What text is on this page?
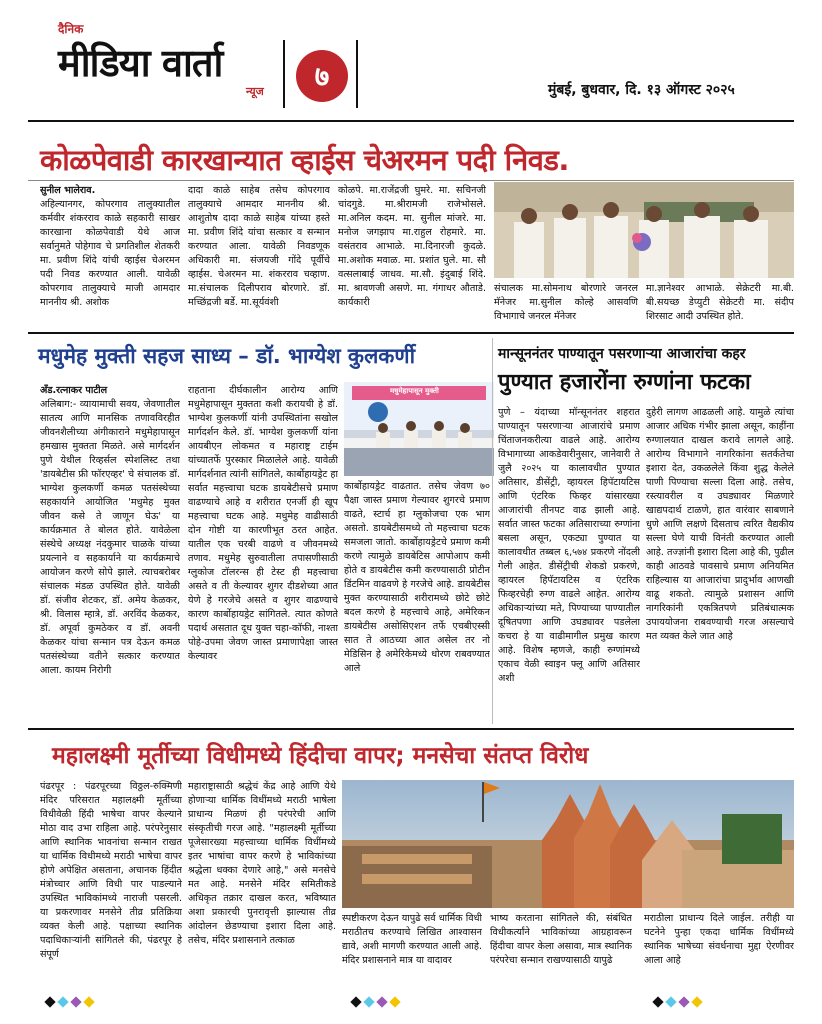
दैनिक
मीडिया वार्ता
न्यूज	७	मुंबई, बुधवार, दि. १३ ऑगस्ट २०२५
कोळपेवाडी कारखान्यात व्हाईस चेअरमन पदी निवड.

सुनील भालेराव.

अहिल्यानगर, कोपरगाव तालुक्यातील कर्मवीर शंकरराव काळे सहकारी साखर कारखाना कोळपेवाडी येथे आज सर्वानुमते पोहेगाव चे प्रगतिशील शेतकरी मा. प्रवीण शिंदे यांची व्हाईस चेअरमन पदी निवड करण्यात आली. यावेळी कोपरगाव तालुक्याचे माजी आमदार माननीय श्री. अशोक

दादा काळे साहेब तसेच कोपरगाव तालुक्याचे आमदार माननीय श्री. आशुतोष दादा काळे साहेब यांच्या हस्ते मा. प्रवीण शिंदे यांचा सत्कार व सन्मान करण्यात आला. यावेळी निवडणूक अधिकारी मा. संजयजी गोंदे पूर्वीचे व्हाईस. चेअरमन मा. शंकरराव चव्हाण. मा.संचालक दिलीपराव बोरणारे. डॉ. मच्छिंद्रजी बर्डे. मा.सूर्यवंशी
कोळपे. मा.राजेंद्रजी घुमरे. मा. सचिनजी चांदगुडे. मा.श्रीरामजी राजेभोसले. मा.अनिल कदम. मा. सुनील मांजरे. मा. मनोज जगझाप मा.राहुल रोहमारे. मा. वसंतराव आभाळे. मा.दिनारजी कुदळे. मा.अशोक मवाळ. मा. प्रशांत घुले. मा. सौ वत्सलाबाई जाधव. मा.सौ. इंदुबाई शिंदे. मा. श्रावणजी असणे. मा. गंगाधर औताडे. कार्यकारी
संचालक मा.सोमनाथ बोरणारे जनरल मॅनेजर मा.सुनील कोल्हे आसवणि विभागाचे जनरल मॅनेजर
मा.ज्ञानेश्वर आभाळे. सेक्रेटरी मा.बी. बी.सयच्छ डेप्युटी सेक्रेटरी मा. संदीप शिरसाट आदी उपस्थित होते.
मधुमेह मुक्ती सहज साध्य – डॉ. भाग्येश कुलकर्णी

अँड.रत्नाकर पाटील

अलिबाग:- व्यायामाची सवय, जेवणातील सातत्य आणि मानसिक तणावविरहीत जीवनशैलीच्या अंगीकाराने मधुमेहापासून हमखास मुक्तता मिळते. असे मार्गदर्शन पुणे येथील रिव्हर्सल स्पेशलिस्ट तथा 'डायबेटीस फ्री फॉरएव्हर' चे संचालक डॉ. भाग्येश कुलकर्णी कमळ पतसंस्थेच्या सहकार्याने आयोजित 'मधुमेह मुक्त जीवन कसे ते जाणून घेऊ' या कार्यक्रमात ते बोलत होते. यावेळेला संस्थेचे अध्यक्ष नंदकुमार चाळके यांच्या प्रयत्नाने व सहकार्याने या कार्यक्रमाचे आयोजन करणे सोपे झाले. त्याचबरोबर संचालक मंडळ उपस्थित होते. यावेळी डॉ. संजीव शेटकर, डॉ. अमेय केळकर, श्री. विलास म्हात्रे, डॉ. अरविंद केळकर, डॉ. अपूर्वा कुमठेकर व डॉ. अवनी केळकर यांचा सन्मान पत्र देऊन कमळ पतसंस्थेच्या वतीने सत्कार करण्यात आला. कायम निरोगी

राहताना दीर्घकालीन आरोग्य आणि मधुमेहापासून मुक्तता कशी करायची हे डॉ. भाग्येश कुलकर्णी यांनी उपस्थितांना सखोल मार्गदर्शन केले. डॉ. भाग्येश कुलकर्णी यांना आयबीएन लोकमत व महाराष्ट्र टाईम यांच्यातर्फे पुरस्कार मिळालेले आहे. यावेळी मार्गदर्शनात त्यांनी सांगितले, कार्बोहायड्रेट हा सर्वात महत्त्वाचा घटक डायबेटीसचे प्रमाण वाढण्याचे आहे व शरीरात एनर्जी ही खूप महत्त्वाचा घटक आहे. मधुमेह वाढीसाठी दोन गोष्टी या कारणीभूत ठरत आहेत. यातील एक चरबी वाढणे व जीवनमध्ये तणाव. मधुमेह सुरुवातीला तपासणीसाठी ग्लुकोज टॉलरन्स ही टेस्ट ही महत्त्वाचा असते व ती केल्यावर शुगर दीडशेच्या आत येणे हे गरजेचे असते व शुगर वाढण्याचे कारण कार्बोहायड्रेट सांगितले. त्यात कोणते पदार्थ असतात दूध युक्त चहा-कॉफी, नाश्ता पोहे-उपमा जेवण जास्त प्रमाणापेक्षा जास्त केल्यावर
मधुमेहापासून मुक्ती
कार्बोहायड्रेट वाढतात. तसेच जेवण ७० पैक्षा जास्त प्रमाण गेल्यावर शुगरचे प्रमाण वाढते, स्टार्च हा ग्लुकोजचा एक भाग असतो. डायबेटीसमध्ये तो महत्त्वाचा घटक समजला जातो. कार्बोहायड्रेटचे प्रमाण कमी करणे त्यामुळे डायबेटिस आपोआप कमी होते व डायबेटीस कमी करण्यासाठी प्रोटीन डिंटमिन वाढवणे हे गरजेचे आहे. डायबेटीस मुक्त करण्यासाठी शरीरामध्ये छोटे छोटे बदल करणे हे महत्त्वाचे आहे, अमेरिकन डायबेटीस असोसिएशन तर्फे एचबीएस्सी सात ते आठच्या आत असेल तर नो मेडिसिन हे अमेरिकेमध्ये धोरण राबवण्यात आले
मान्सूननंतर पाण्यातून पसरणाऱ्या आजारांचा कहर
पुण्यात हजारोंना रुग्णांना फटका
पुणे – यंदाच्या मॉन्सूननंतर शहरात पाण्यातून पसरणाऱ्या आजारांचे प्रमाण चिंताजनकरीत्या वाढले आहे. आरोग्य विभागाच्या आकडेवारीनुसार, जानेवारी ते जुलै २०२५ या कालावधीत पुण्यात अतिसार, डीसेंट्री, व्हायरल हिपॅटायटिस आणि एंटरिक फिव्हर यांसारख्या आजारांची तीनपट वाढ झाली आहे. सर्वात जास्त फटका अतिसाराच्या रुग्णांना बसला असून, एकट्या पुण्यात या कालावधीत तब्बल ६,५७४ प्रकरणे नोंदली गेली आहेत. डीसेंट्रीची शेकडो प्रकरणे, व्हायरल हिपॅटायटिस व एंटरिक फिव्हरचेही रुग्ण वाढले आहेत. आरोग्य अधिकाऱ्यांच्या मते, पिण्याच्या पाण्यातील दूषितपणा आणि उघड्यावर पडलेला कचरा हे या वाढीमागील प्रमुख कारण आहे. विशेष म्हणजे, काही रुग्णांमध्ये एकाच वेळी स्वाइन फ्लू आणि अतिसार अशी
दुहेरी लागण आढळली आहे. यामुळे त्यांचा आजार अधिक गंभीर झाला असून, काहींना रुग्णालयात दाखल करावे लागले आहे. आरोग्य विभागाने नागरिकांना सतर्कतेचा इशारा देत, उकळलेले किंवा शुद्ध केलेले पाणी पिण्याचा सल्ला दिला आहे. तसेच, रस्त्यावरील व उघड्यावर मिळणारे खाद्यपदार्थ टाळणे, हात वारंवार साबणाने धुणे आणि लक्षणे दिसताच त्वरित वैद्यकीय सल्ला घेणे याची विनंती करण्यात आली आहे. तज्ज्ञांनी इशारा दिला आहे की, पुढील काही आठवडे पावसाचे प्रमाण अनियमित राहिल्यास या आजारांचा प्रादुर्भाव आणखी वाढू शकतो. त्यामुळे प्रशासन आणि नागरिकांनी एकत्रितपणे प्रतिबंधात्मक उपाययोजना राबवण्याची गरज असल्याचे मत व्यक्त केले जात आहे
महालक्ष्मी मूर्तीच्या विधीमध्ये हिंदीचा वापर; मनसेचा संतप्त विरोध
पंढरपूर : पंढरपूरच्या विठ्ठल-रुक्मिणी मंदिर परिसरात महालक्ष्मी मूर्तीच्या विधीवेळी हिंदी भाषेचा वापर केल्याने मोठा वाद उभा राहिला आहे. परंपरेनुसार आणि स्थानिक भावनांचा सन्मान राखत या धार्मिक विधीमध्ये मराठी भाषेचा वापर होणे अपेक्षित असताना, अचानक हिंदीत मंत्रोच्चार आणि विधी पार पाडल्याने उपस्थित भाविकांमध्ये नाराजी पसरली. या प्रकरणावर मनसेने तीव्र प्रतिक्रिया व्यक्त केली आहे. पक्षाच्या स्थानिक पदाधिकाऱ्यांनी सांगितले की, पंढरपूर हे संपूर्ण
महाराष्ट्रासाठी श्रद्धेचं केंद्र आहे आणि येथे होणाऱ्या धार्मिक विधींमध्ये मराठी भाषेला प्राधान्य मिळणं ही परंपरेची आणि संस्कृतीची गरज आहे. "महालक्ष्मी मूर्तीच्या पूजेसारख्या महत्त्वाच्या धार्मिक विधींमध्ये इतर भाषांचा वापर करणे हे भाविकांच्या श्रद्धेला धक्का देणारे आहे," असे मनसेचे मत आहे. मनसेने मंदिर समितीकडे अधिकृत तक्रार दाखल करत, भविष्यात अशा प्रकारची पुनरावृत्ती झाल्यास तीव्र आंदोलन छेडण्याचा इशारा दिला आहे. तसेच, मंदिर प्रशासनाने तत्काळ
स्पष्टीकरण देऊन यापुढे सर्व धार्मिक विधी मराठीतच करण्याचे लिखित आश्वासन द्यावे, अशी मागणी करण्यात आली आहे. मंदिर प्रशासनाने मात्र या वादावर
भाष्य करताना सांगितले की, संबंधित विधीकर्त्यांने भाविकांच्या आग्रहावरून हिंदीचा वापर केला असावा, मात्र स्थानिक परंपरेचा सन्मान राखण्यासाठी यापुढे
मराठीला प्राधान्य दिले जाईल. तरीही या घटनेने पुन्हा एकदा धार्मिक विधींमध्ये स्थानिक भाषेच्या संवर्धनाचा मुद्दा ऐरणीवर आला आहे
